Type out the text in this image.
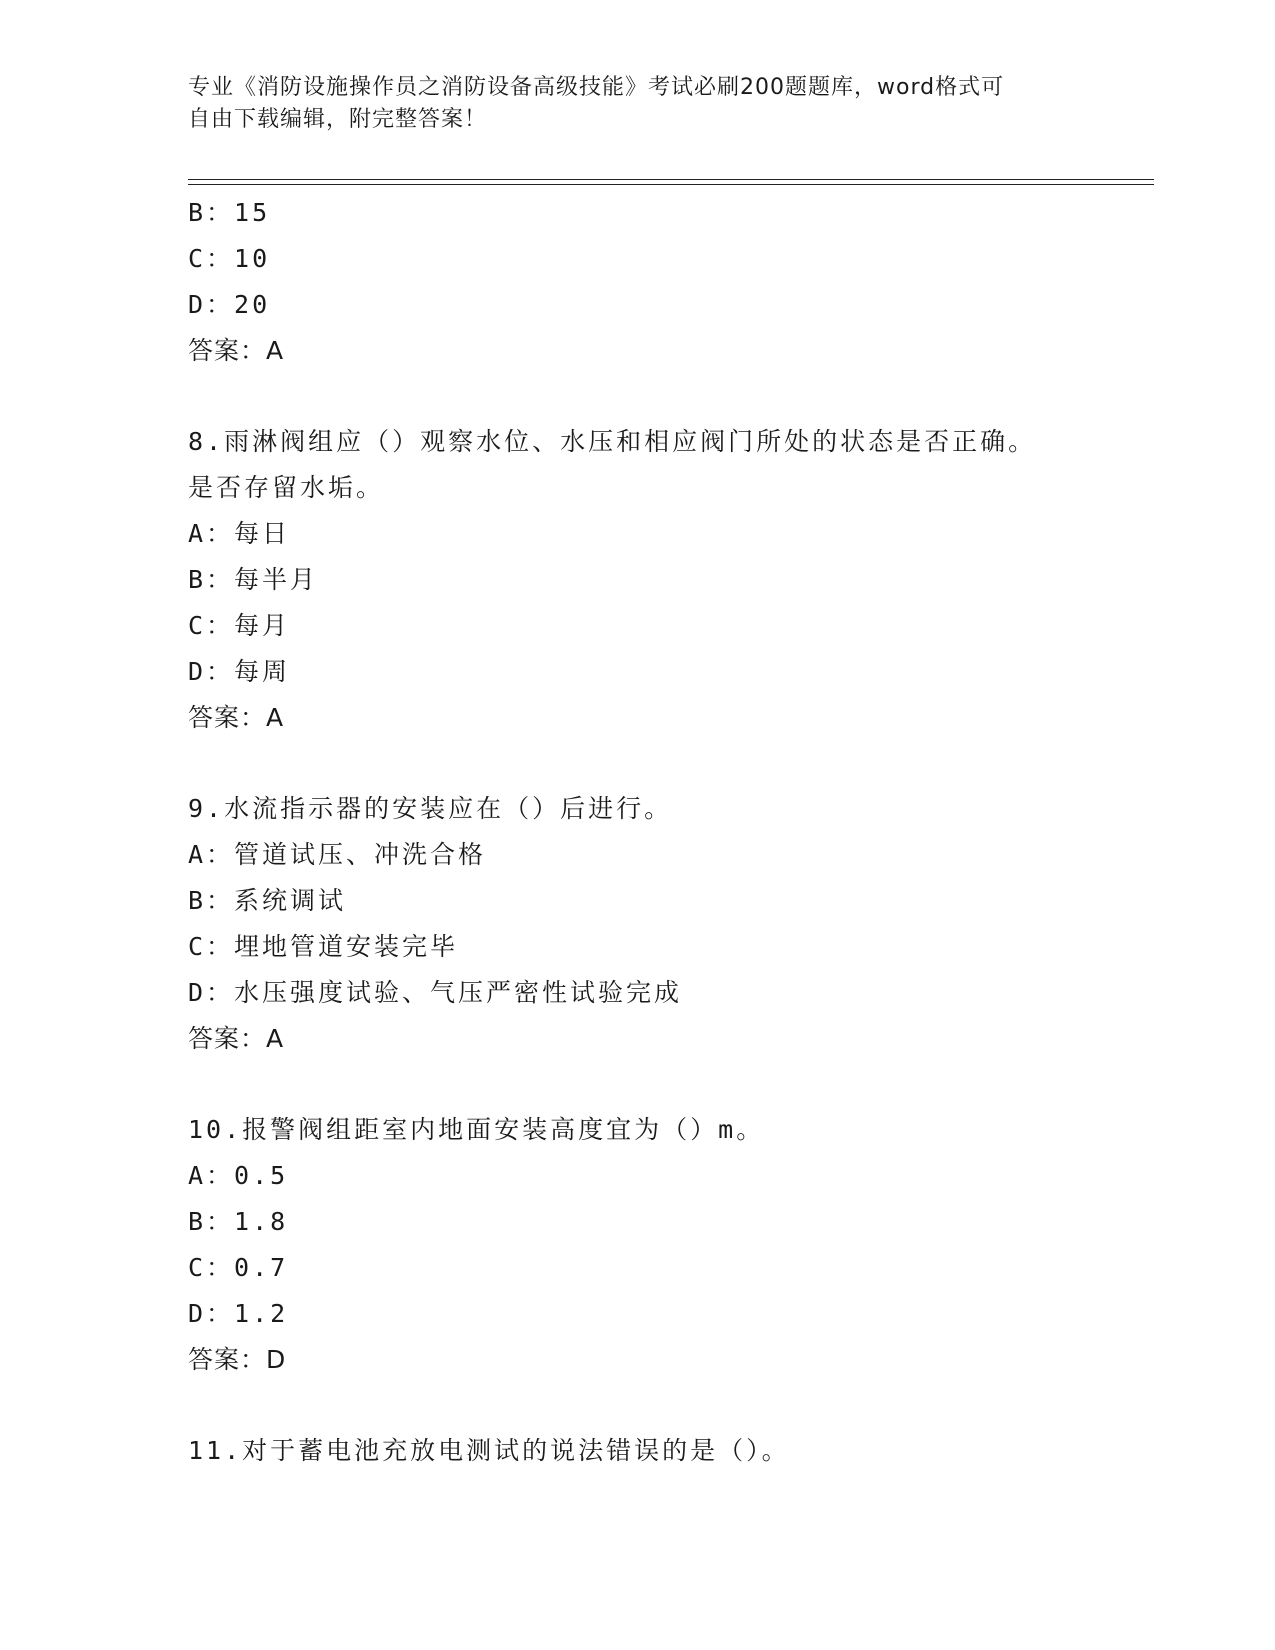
专业《消防设施操作员之消防设备高级技能》考试必刷200题题库，word格式可
自由下载编辑，附完整答案！
B：15
C：10
D：20
答案：A
8.雨淋阀组应（）观察水位、水压和相应阀门所处的状态是否正确。
是否存留水垢。
A：每日
B：每半月
C：每月
D：每周
答案：A
9.水流指示器的安装应在（）后进行。
A：管道试压、冲洗合格
B：系统调试
C：埋地管道安装完毕
D：水压强度试验、气压严密性试验完成
答案：A
10.报警阀组距室内地面安装高度宜为（）m。
A：0.5
B：1.8
C：0.7
D：1.2
答案：D
11.对于蓄电池充放电测试的说法错误的是（）。
